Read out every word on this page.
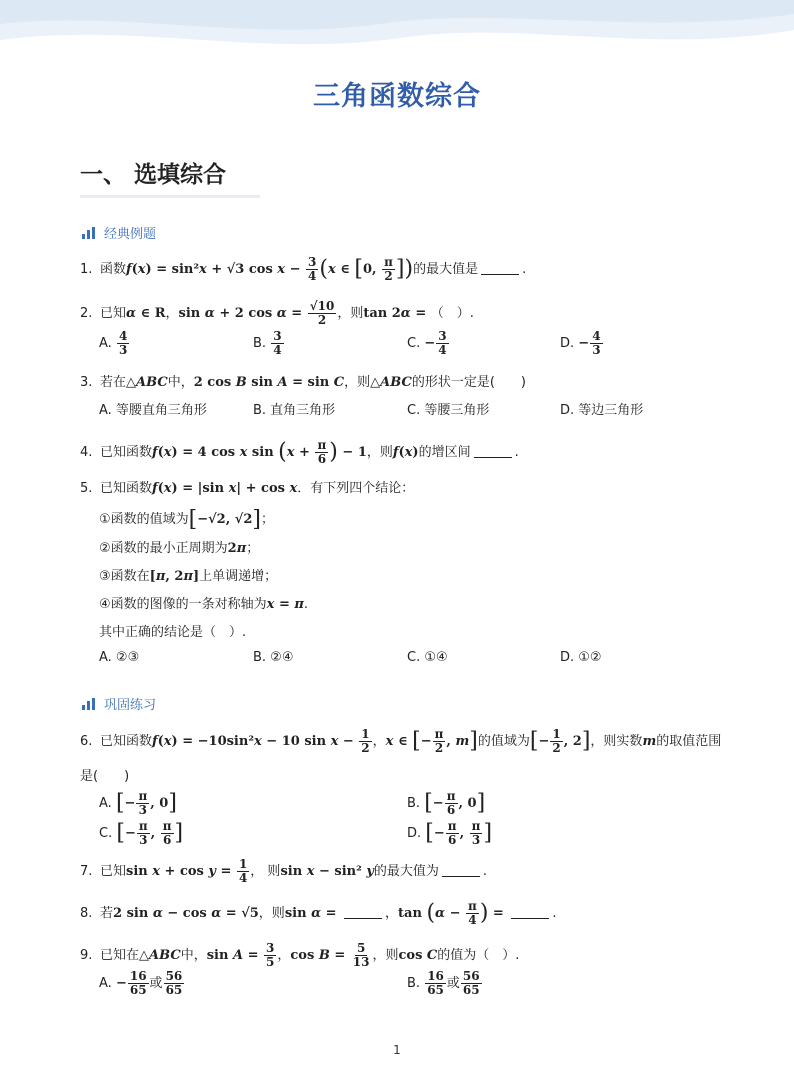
三角函数综合
一、 选填综合
经典例题
1. 函数f(x) = sin²x + √3 $\cos x - \frac{3}{4} (x$ ∈ [0, $\frac{\pi}{2}$ ])的最大值是	.
2. 已知α ∈ R，sin α + 2 $\cos \alpha = \frac{√10}{2}$ ，则tan 2α = （　）.
A. $\frac{4}{3}$	B. $\frac{3}{4}$	C. − $\frac{3}{4}$	D. − $\frac{4}{3}$
3. 若在△ABC中，2 cos B sin A = sin C，则△ABC的形状一定是(　　)
A. 等腰直角三角形	B. 直角三角形	C. 等腰三角形	D. 等边三角形
4. 已知函数f(x) = 4 cos x $\sin (x + \frac{\pi}{6}$ ) − 1，则f(x)的增区间	.
5. 已知函数f(x) = |sin x| + cos x．有下列四个结论：
①函数的值域为[−√2, √2]；
②函数的最小正周期为2π；
③函数在[π, 2π]上单调递增；
④函数的图像的一条对称轴为x = π.
其中正确的结论是（　）.
A. ②③	B. ②④	C. ①④	D. ①②
巩固练习
6. 已知函数f(x) = −10sin²x − 10 $\sin x - \frac{1}{2}$ ，x ∈ [− $\frac{\pi}{2}$ , m]的值域为[− $\frac{1}{2}$ , 2]，则实数m的取值范围
是(　　)
A. [− $\frac{\pi}{3}$ , 0]	B. [− $\frac{\pi}{6}$ , 0]
C. [− $\frac{\pi}{3}$ , $\frac{\pi}{6}$ ]	D. [− $\frac{\pi}{6}$ , $\frac{\pi}{3}$ ]
7. 已知$\sin x + \cos y = \frac{1}{4}$ ， 则sin x − sin² y的最大值为	.
8. 若2 sin α − cos α = √5，则sin α =	，$\tan (\alpha - \frac{\pi}{4}$ ) =	.
9. 已知在△ABC中，$\sin A = \frac{3}{5}$ ，$\cos B = \frac{5}{13}$ ，则cos C的值为（　）.
A. − $\frac{16}{65}$ 或 $\frac{56}{65}$	B. $\frac{16}{65}$ 或 $\frac{56}{65}$
1
